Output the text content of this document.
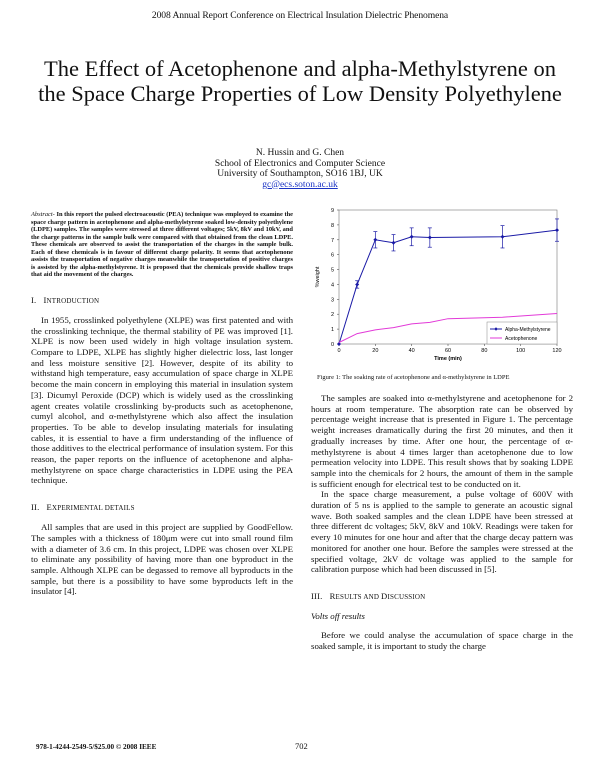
2008 Annual Report Conference on Electrical Insulation Dielectric Phenomena
The Effect of Acetophenone and alpha-Methylstyrene on the Space Charge Properties of Low Density Polyethylene
N. Hussin and G. Chen
School of Electronics and Computer Science
University of Southampton, SO16 1BJ, UK
gc@ecs.soton.ac.uk

Abstract- In this report the pulsed electroacoustic (PEA) technique was employed to examine the space charge pattern in acetophenone and alpha-methylstyrene soaked low-density polyethylene (LDPE) samples. The samples were stressed at three different voltages; 5kV, 8kV and 10kV, and the charge patterns in the sample bulk were compared with that obtained from the clean LDPE. These chemicals are observed to assist the transportation of the charges in the sample bulk. Each of these chemicals is in favour of different charge polarity. It seems that acetophenone assists the transportation of negative charges meanwhile the transportation of positive charges is assisted by the alpha-methylstyrene. It is proposed that the chemicals provide shallow traps that aid the movement of the charges.

I. INTRODUCTION

In 1955, crosslinked polyethylene (XLPE) was first patented and with the crosslinking technique, the thermal stability of PE was improved [1]. XLPE is now been used widely in high voltage insulation system. Compare to LDPE, XLPE has slightly higher dielectric loss, last longer and less moisture sensitive [2]. However, despite of its ability to withstand high temperature, easy accumulation of space charge in XLPE become the main concern in employing this material in insulation system [3]. Dicumyl Peroxide (DCP) which is widely used as the crosslinking agent creates volatile crosslinking by-products such as acetophenone, cumyl alcohol, and α-methylstyrene which also affect the insulation properties. To be able to develop insulating materials for insulating cables, it is essential to have a firm understanding of the influence of those additives to the electrical performance of insulation system. For this reason, the paper reports on the influence of acetophenone and alpha-methylstyrene on space charge characteristics in LDPE using the PEA technique.

II. EXPERIMENTAL DETAILS

All samples that are used in this project are supplied by GoodFellow. The samples with a thickness of 180μm were cut into small round film with a diameter of 3.6 cm. In this project, LDPE was chosen over XLPE to eliminate any possibility of having more than one byproduct in the sample. Although XLPE can be degassed to remove all byproducts in the sample, but there is a possibility to have some byproducts left in the insulator [4].

0
1
2
3
4
5
6
7
8
9
0	20	40	60	80	100	120
Time (min)
%weight
Alpha-Methylstyrene
Acetophenone
Figure 1: The soaking rate of acetophenone and α-methylstyrene in LDPE

The samples are soaked into α-methylstyrene and acetophenone for 2 hours at room temperature. The absorption rate can be observed by percentage weight increase that is presented in Figure 1. The percentage weight increases dramatically during the first 20 minutes, and then it gradually increases by time. After one hour, the percentage of α-methylstyrene is about 4 times larger than acetophenone due to low permeation velocity into LDPE. This result shows that by soaking LDPE sample into the chemicals for 2 hours, the amount of them in the sample is sufficient enough for electrical test to be conducted on it.

In the space charge measurement, a pulse voltage of 600V with duration of 5 ns is applied to the sample to generate an acoustic signal wave. Both soaked samples and the clean LDPE have been stressed at three different dc voltages; 5kV, 8kV and 10kV. Readings were taken for every 10 minutes for one hour and after that the charge decay pattern was monitored for another one hour. Before the samples were stressed at the specified voltage, 2kV dc voltage was applied to the sample for calibration purpose which had been discussed in [5].

III. RESULTS AND DISCUSSION
Volts off results

Before we could analyse the accumulation of space charge in the soaked sample, it is important to study the charge

978-1-4244-2549-5/$25.00 © 2008 IEEE	702
